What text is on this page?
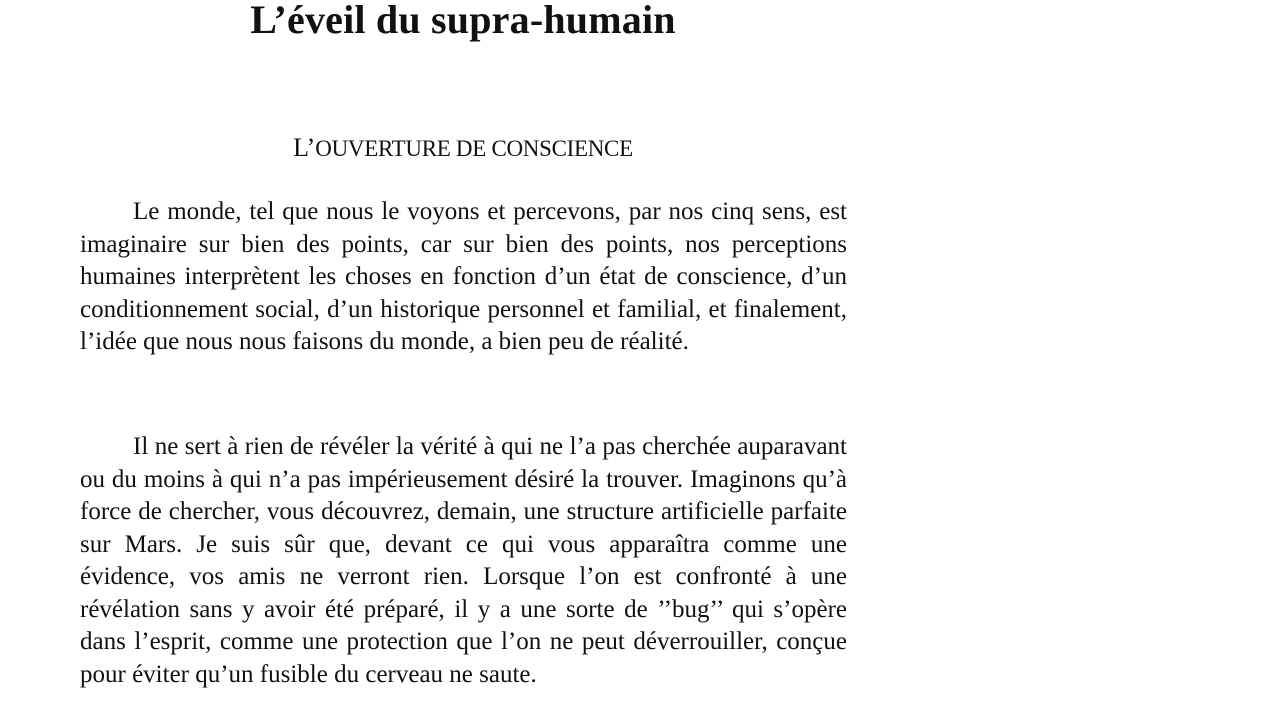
L’éveil du supra-humain
L’OUVERTURE DE CONSCIENCE

Le monde, tel que nous le voyons et percevons, par nos cinq sens, est imaginaire sur bien des points, car sur bien des points, nos perceptions humaines interprètent les choses en fonction d’un état de conscience, d’un conditionnement social, d’un historique personnel et familial, et finalement, l’idée que nous nous faisons du monde, a bien peu de réalité.

Il ne sert à rien de révéler la vérité à qui ne l’a pas cherchée auparavant ou du moins à qui n’a pas impérieusement désiré la trouver. Imaginons qu’à force de chercher, vous découvrez, demain, une structure artificielle parfaite sur Mars. Je suis sûr que, devant ce qui vous apparaîtra comme une évidence, vos amis ne verront rien. Lorsque l’on est confronté à une révélation sans y avoir été préparé, il y a une sorte de ’’bug’’ qui s’opère dans l’esprit, comme une protection que l’on ne peut déverrouiller, conçue pour éviter qu’un fusible du cerveau ne saute.
